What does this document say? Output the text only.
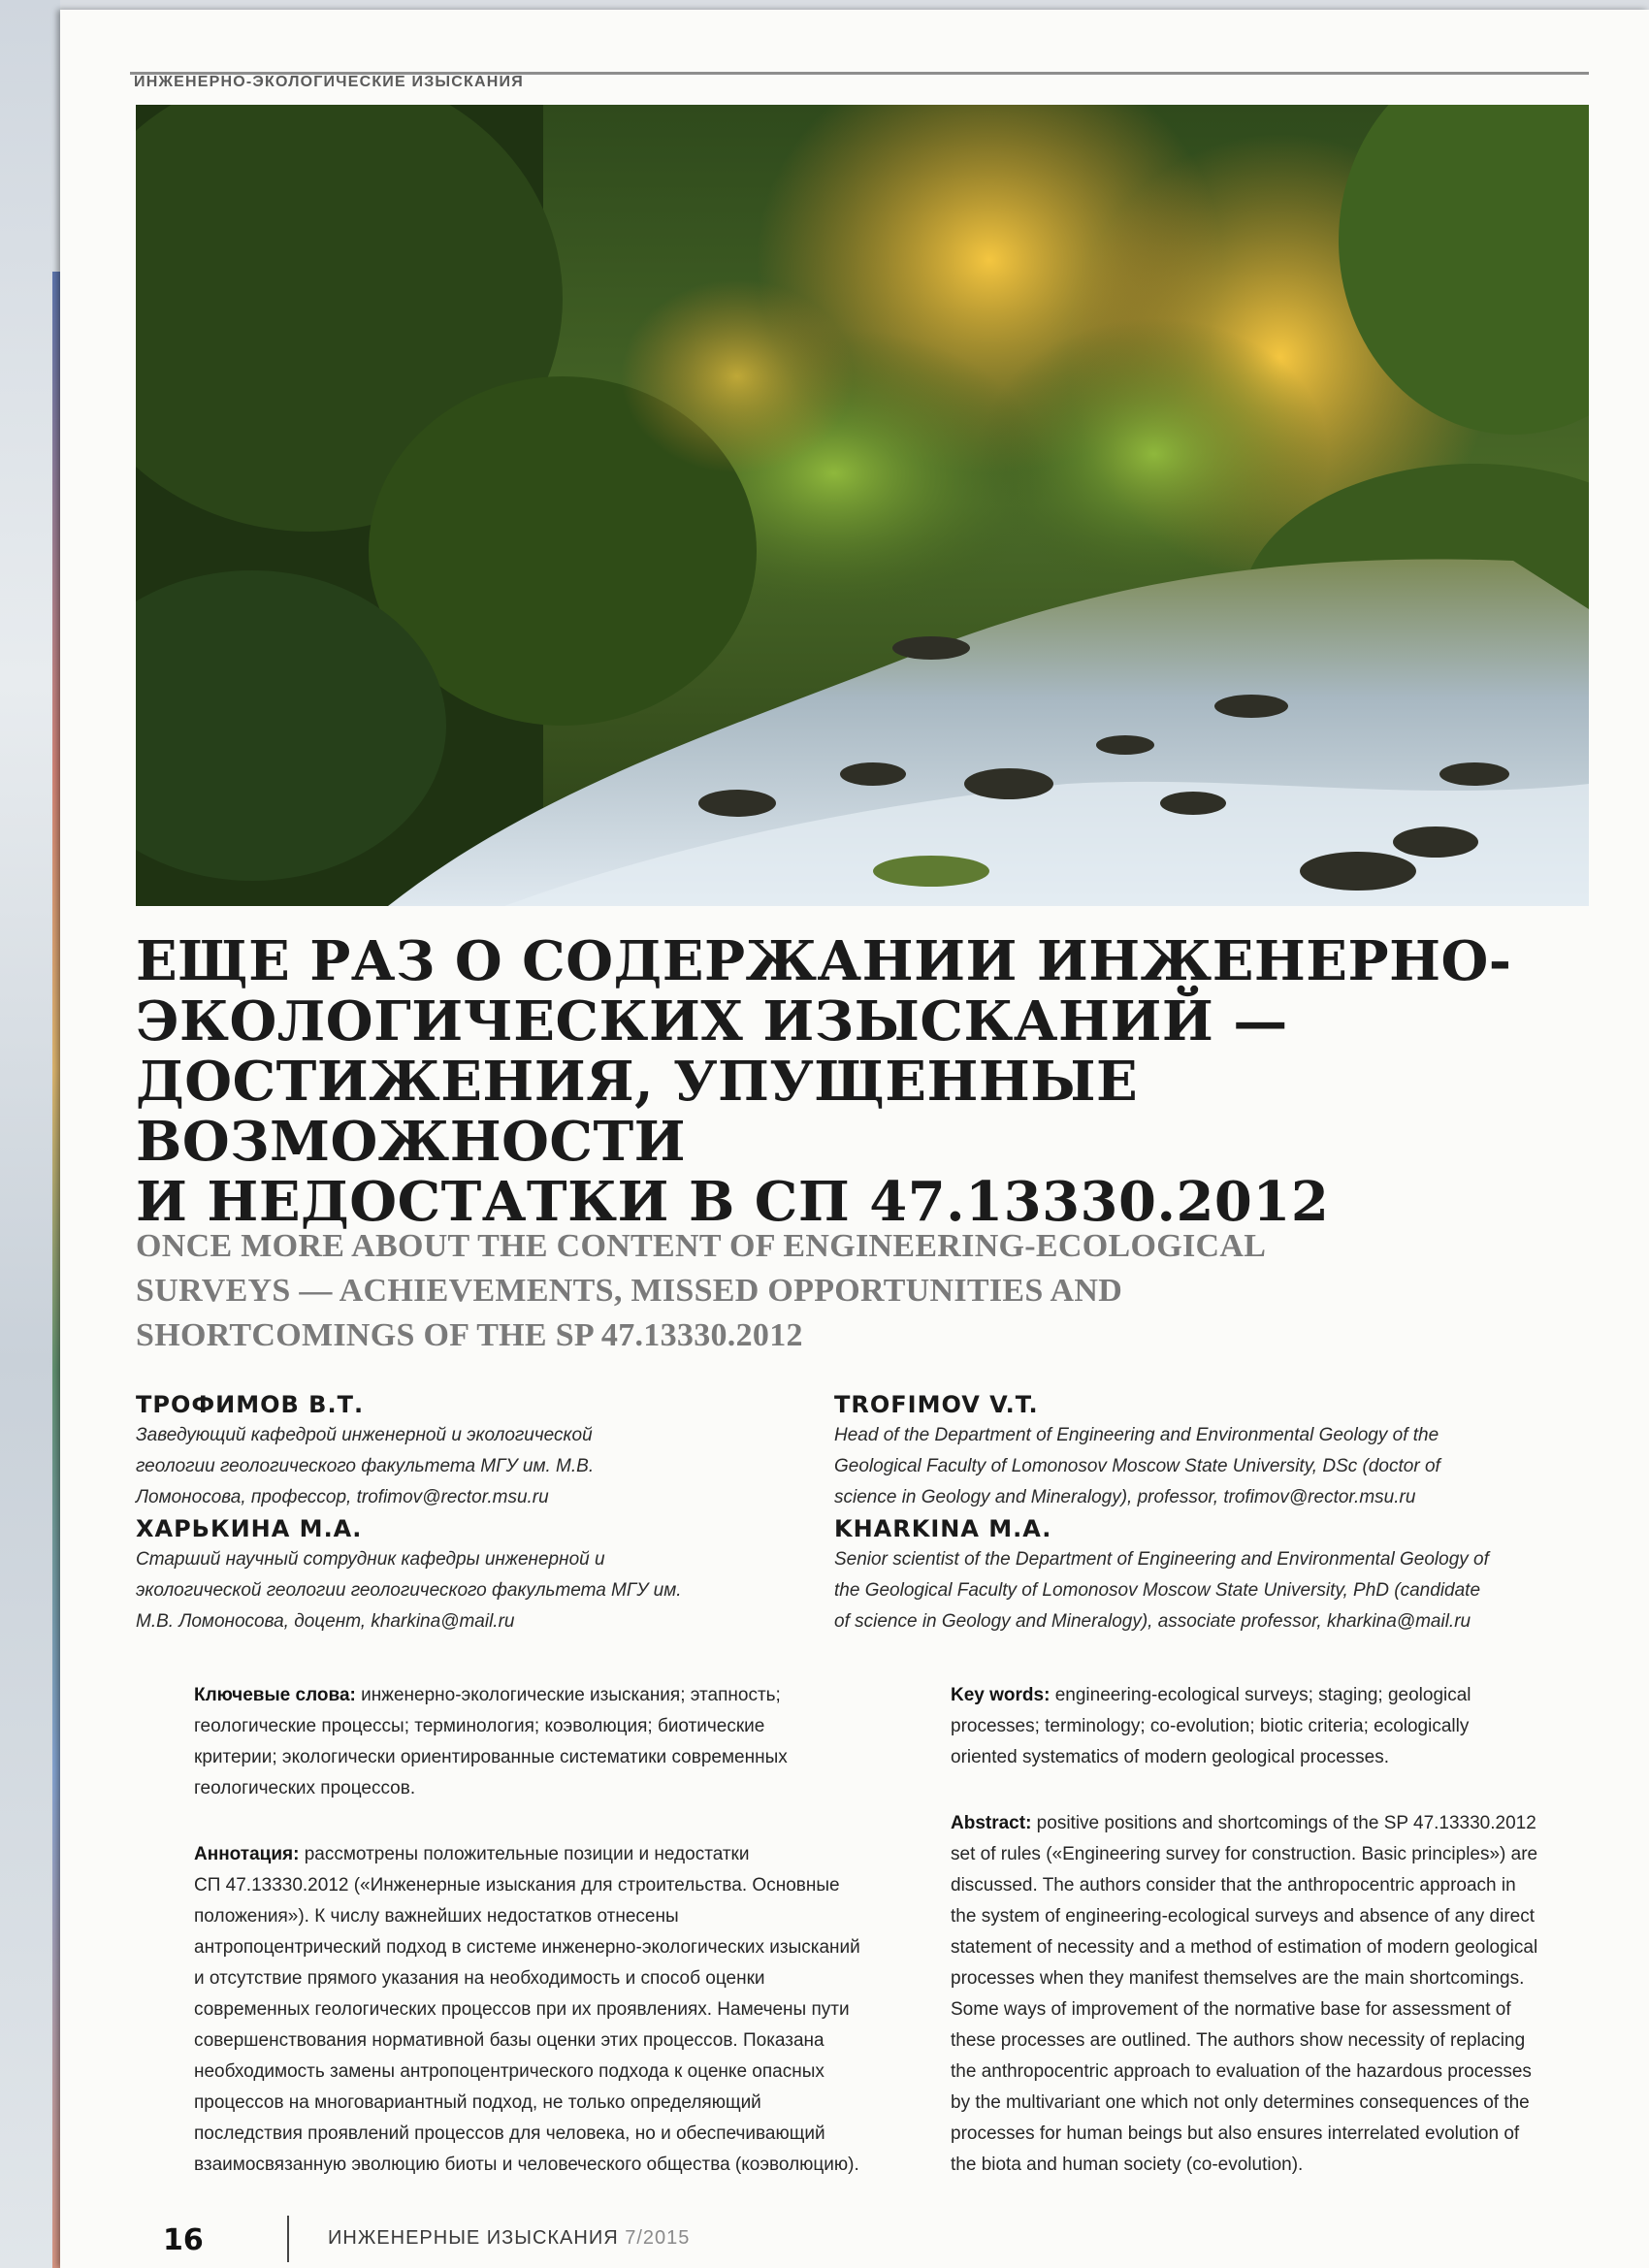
ИНЖЕНЕРНО-ЭКОЛОГИЧЕСКИЕ ИЗЫСКАНИЯ
ЕЩЕ РАЗ О СОДЕРЖАНИИ ИНЖЕНЕРНО-
ЭКОЛОГИЧЕСКИХ ИЗЫСКАНИЙ —
ДОСТИЖЕНИЯ, УПУЩЕННЫЕ ВОЗМОЖНОСТИ
И НЕДОСТАТКИ В СП 47.13330.2012
ONCE MORE ABOUT THE CONTENT OF ENGINEERING-ECOLOGICAL
SURVEYS — ACHIEVEMENTS, MISSED OPPORTUNITIES AND
SHORTCOMINGS OF THE SP 47.13330.2012
ТРОФИМОВ В.Т.
Заведующий кафедрой инженерной и экологической
геологии геологического факультета МГУ им. М.В.
Ломоносова, профессор, trofimov@rector.msu.ru
ХАРЬКИНА М.А.
Старший научный сотрудник кафедры инженерной и
экологической геологии геологического факультета МГУ им.
М.В. Ломоносова, доцент, kharkina@mail.ru
TROFIMOV V.T.
Head of the Department of Engineering and Environmental Geology of the
Geological Faculty of Lomonosov Moscow State University, DSc (doctor of
science in Geology and Mineralogy), professor, trofimov@rector.msu.ru
KHARKINA M.A.
Senior scientist of the Department of Engineering and Environmental Geology of
the Geological Faculty of Lomonosov Moscow State University, PhD (candidate
of science in Geology and Mineralogy), associate professor, kharkina@mail.ru
Ключевые слова: инженерно-экологические изыскания; этапность;
геологические процессы; терминология; коэволюция; биотические
критерии; экологически ориентированные систематики современных
геологических процессов.
Аннотация: рассмотрены положительные позиции и недостатки
СП 47.13330.2012 («Инженерные изыскания для строительства. Основные
положения»). К числу важнейших недостатков отнесены
антропоцентрический подход в системе инженерно-экологических изысканий
и отсутствие прямого указания на необходимость и способ оценки
современных геологических процессов при их проявлениях. Намечены пути
совершенствования нормативной базы оценки этих процессов. Показана
необходимость замены антропоцентрического подхода к оценке опасных
процессов на многовариантный подход, не только определяющий
последствия проявлений процессов для человека, но и обеспечивающий
взаимосвязанную эволюцию биоты и человеческого общества (коэволюцию).
Key words: engineering-ecological surveys; staging; geological
processes; terminology; co-evolution; biotic criteria; ecologically
oriented systematics of modern geological processes.
Abstract: positive positions and shortcomings of the SP 47.13330.2012
set of rules («Engineering survey for construction. Basic principles») are
discussed. The authors consider that the anthropocentric approach in
the system of engineering-ecological surveys and absence of any direct
statement of necessity and a method of estimation of modern geological
processes when they manifest themselves are the main shortcomings.
Some ways of improvement of the normative base for assessment of
these processes are outlined. The authors show necessity of replacing
the anthropocentric approach to evaluation of the hazardous processes
by the multivariant one which not only determines consequences of the
processes for human beings but also ensures interrelated evolution of
the biota and human society (co-evolution).
16	ИНЖЕНЕРНЫЕ ИЗЫСКАНИЯ 7/2015
